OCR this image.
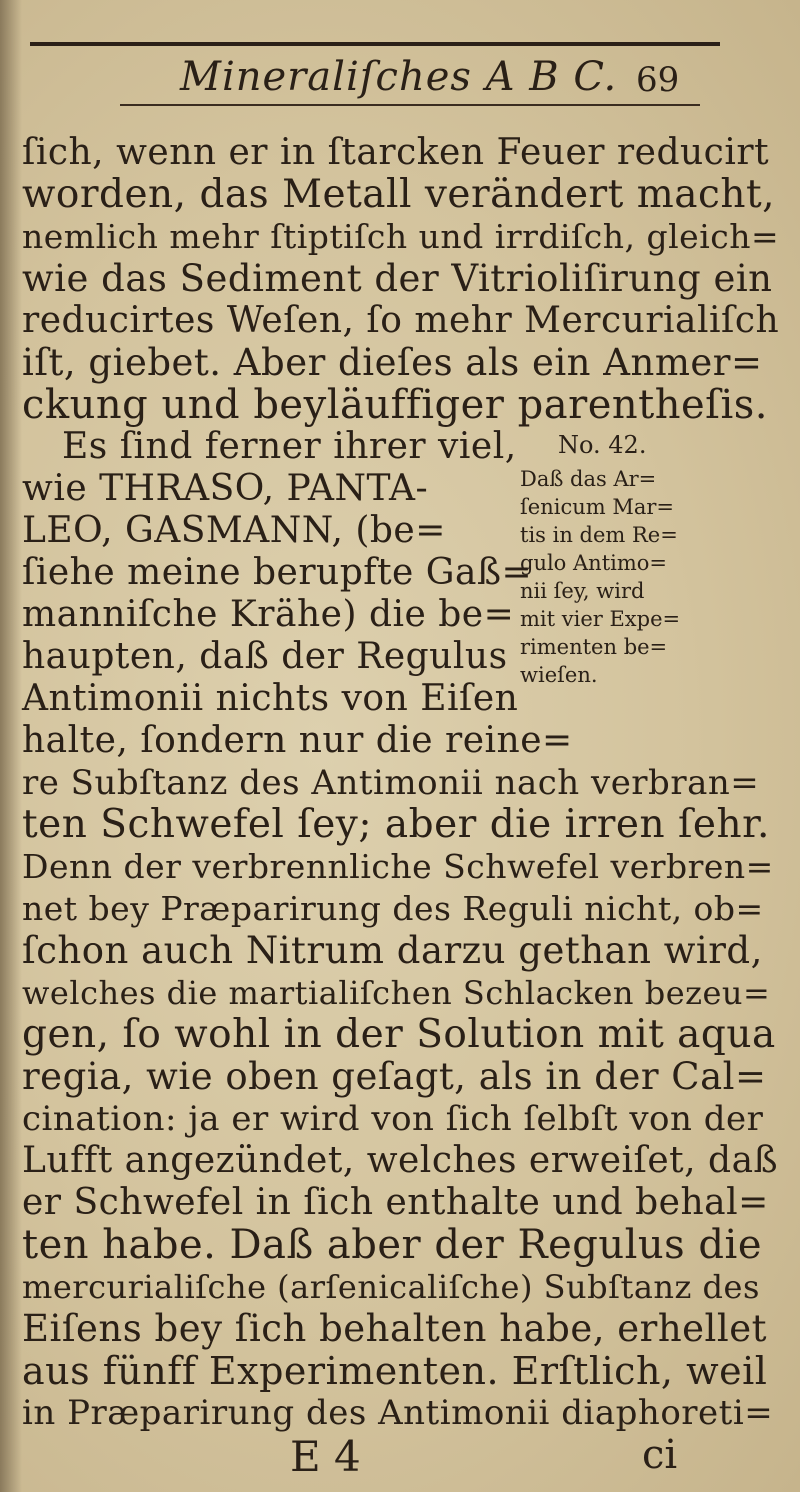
Mineraliſches A B C. 69
ſich, wenn er in ſtarcken Feuer reducirt
worden, das Metall verändert macht,
nemlich mehr ſtiptiſch und irrdiſch, gleich=
wie das Sediment der Vitrioliſirung ein
reducirtes Weſen, ſo mehr Mercurialiſch
iſt, giebet. Aber dieſes als ein Anmer=
ckung und beyläuffiger parentheſis.
Es ſind ferner ihrer viel,
wie THRASO, PANTA-
LEO, GASMANN, (be=
ſiehe meine berupfte Gaß=
manniſche Krähe) die be=
haupten, daß der Regulus
Antimonii nichts von Eiſen
halte, ſondern nur die reine=
re Subſtanz des Antimonii nach verbran=
ten Schwefel ſey; aber die irren ſehr.
Denn der verbrennliche Schwefel verbren=
net bey Præparirung des Reguli nicht, ob=
ſchon auch Nitrum darzu gethan wird,
welches die martialiſchen Schlacken bezeu=
gen, ſo wohl in der Solution mit aqua
regia, wie oben geſagt, als in der Cal=
cination: ja er wird von ſich ſelbſt von der
Lufft angezündet, welches erweiſet, daß
er Schwefel in ſich enthalte und behal=
ten habe. Daß aber der Regulus die
mercurialiſche (arſenicaliſche) Subſtanz des
Eiſens bey ſich behalten habe, erhellet
aus fünff Experimenten. Erſtlich, weil
in Præparirung des Antimonii diaphoreti=
No. 42.
Daß das Ar=
ſenicum Mar=
tis in dem Re=
gulo Antimo=
nii ſey, wird
mit vier Expe=
rimenten be=
wieſen.
E 4	ci
